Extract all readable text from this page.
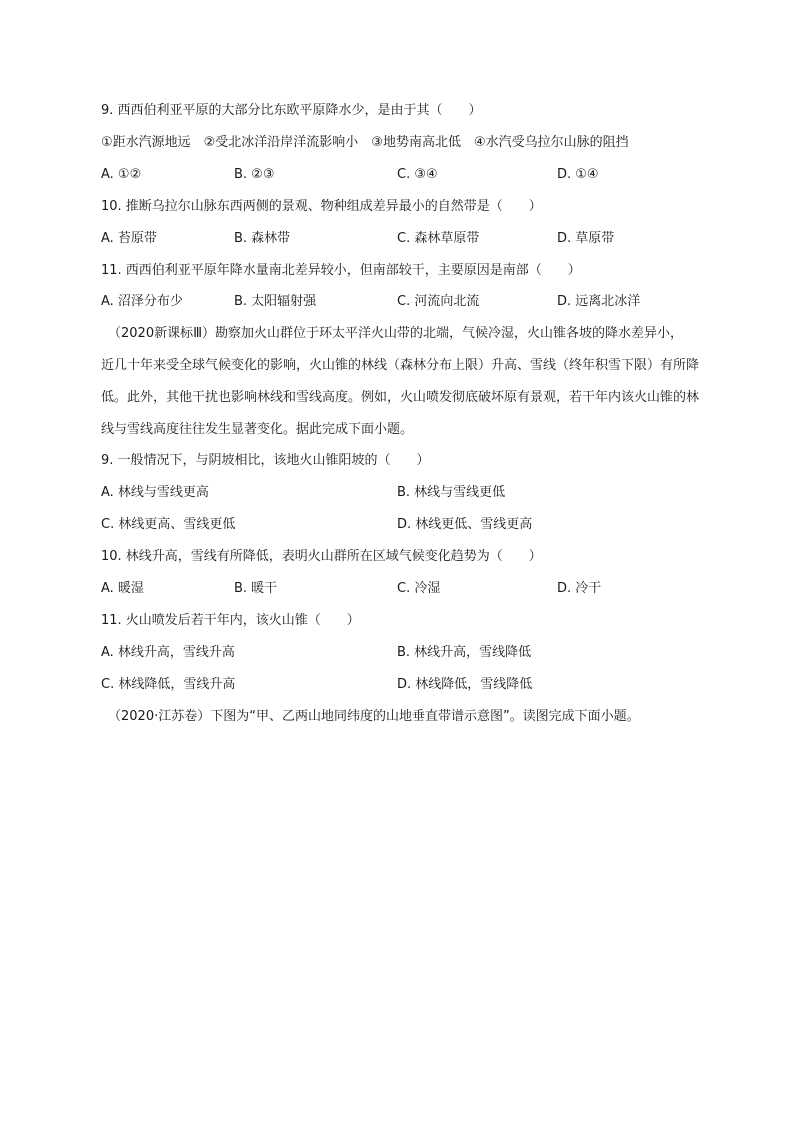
9. 西西伯利亚平原的大部分比东欧平原降水少，是由于其（　　）
①距水汽源地远　②受北冰洋沿岸洋流影响小　③地势南高北低　④水汽受乌拉尔山脉的阻挡
A. ①②	B. ②③	C. ③④	D. ①④
10. 推断乌拉尔山脉东西两侧的景观、物种组成差异最小的自然带是（　　）
A. 苔原带	B. 森林带	C. 森林草原带	D. 草原带
11. 西西伯利亚平原年降水量南北差异较小，但南部较干，主要原因是南部（　　）
A. 沼泽分布少	B. 太阳辐射强	C. 河流向北流	D. 远离北冰洋
（2020新课标Ⅲ）勘察加火山群位于环太平洋火山带的北端，气候冷湿，火山锥各坡的降水差异小，
近几十年来受全球气候变化的影响，火山锥的林线（森林分布上限）升高、雪线（终年积雪下限）有所降
低。此外，其他干扰也影响林线和雪线高度。例如，火山喷发彻底破坏原有景观，若干年内该火山锥的林
线与雪线高度往往发生显著变化。据此完成下面小题。
9. 一般情况下，与阴坡相比，该地火山锥阳坡的（　　）
A. 林线与雪线更高	B. 林线与雪线更低
C. 林线更高、雪线更低	D. 林线更低、雪线更高
10. 林线升高，雪线有所降低，表明火山群所在区域气候变化趋势为（　　）
A. 暖湿	B. 暖干	C. 冷湿	D. 冷干
11. 火山喷发后若干年内，该火山锥（　　）
A. 林线升高，雪线升高	B. 林线升高，雪线降低
C. 林线降低，雪线升高	D. 林线降低，雪线降低
（2020·江苏卷）下图为“甲、乙两山地同纬度的山地垂直带谱示意图”。读图完成下面小题。
